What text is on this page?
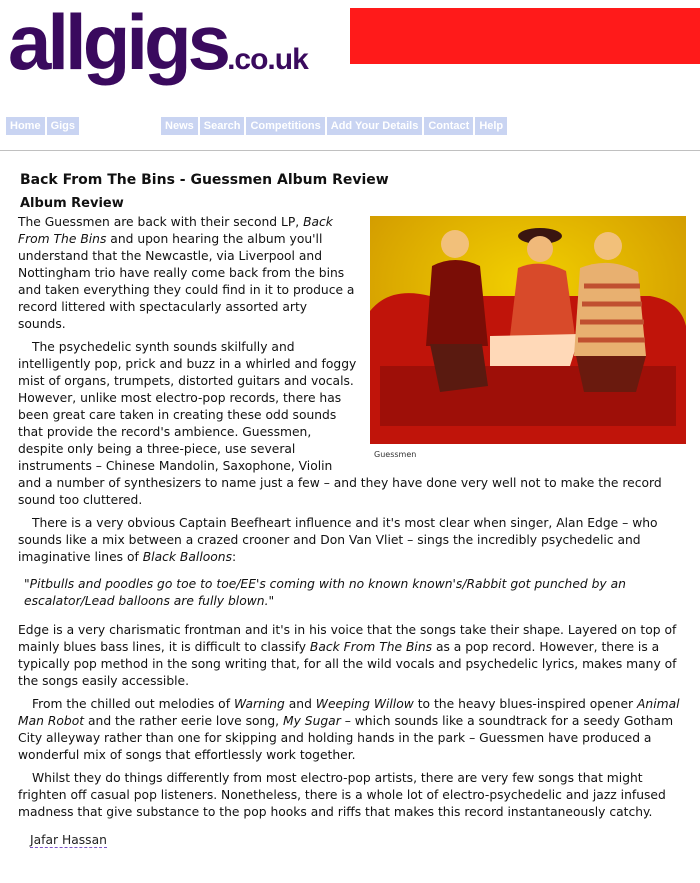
allgigs.co.uk
Home Gigs	News Search Competitions Add Your Details Contact Help
Back From The Bins - Guessmen Album Review
Album Review
Guessmen

The Guessmen are back with their second LP, Back From The Bins and upon hearing the album you'll understand that the Newcastle, via Liverpool and Nottingham trio have really come back from the bins and taken everything they could find in it to produce a record littered with spectacularly assorted arty sounds.

The psychedelic synth sounds skilfully and intelligently pop, prick and buzz in a whirled and foggy mist of organs, trumpets, distorted guitars and vocals. However, unlike most electro-pop records, there has been great care taken in creating these odd sounds that provide the record's ambience. Guessmen, despite only being a three-piece, use several instruments – Chinese Mandolin, Saxophone, Violin and a number of synthesizers to name just a few – and they have done very well not to make the record sound too cluttered.

There is a very obvious Captain Beefheart influence and it's most clear when singer, Alan Edge – who sounds like a mix between a crazed crooner and Don Van Vliet – sings the incredibly psychedelic and imaginative lines of Black Balloons:

"Pitbulls and poodles go toe to toe/EE's coming with no known known's/Rabbit got punched by an escalator/Lead balloons are fully blown."

Edge is a very charismatic frontman and it's in his voice that the songs take their shape. Layered on top of mainly blues bass lines, it is difficult to classify Back From The Bins as a pop record. However, there is a typically pop method in the song writing that, for all the wild vocals and psychedelic lyrics, makes many of the songs easily accessible.

From the chilled out melodies of Warning and Weeping Willow to the heavy blues-inspired opener Animal Man Robot and the rather eerie love song, My Sugar – which sounds like a soundtrack for a seedy Gotham City alleyway rather than one for skipping and holding hands in the park – Guessmen have produced a wonderful mix of songs that effortlessly work together.

Whilst they do things differently from most electro-pop artists, there are very few songs that might frighten off casual pop listeners. Nonetheless, there is a whole lot of electro-psychedelic and jazz infused madness that give substance to the pop hooks and riffs that makes this record instantaneously catchy.

Jafar Hassan
